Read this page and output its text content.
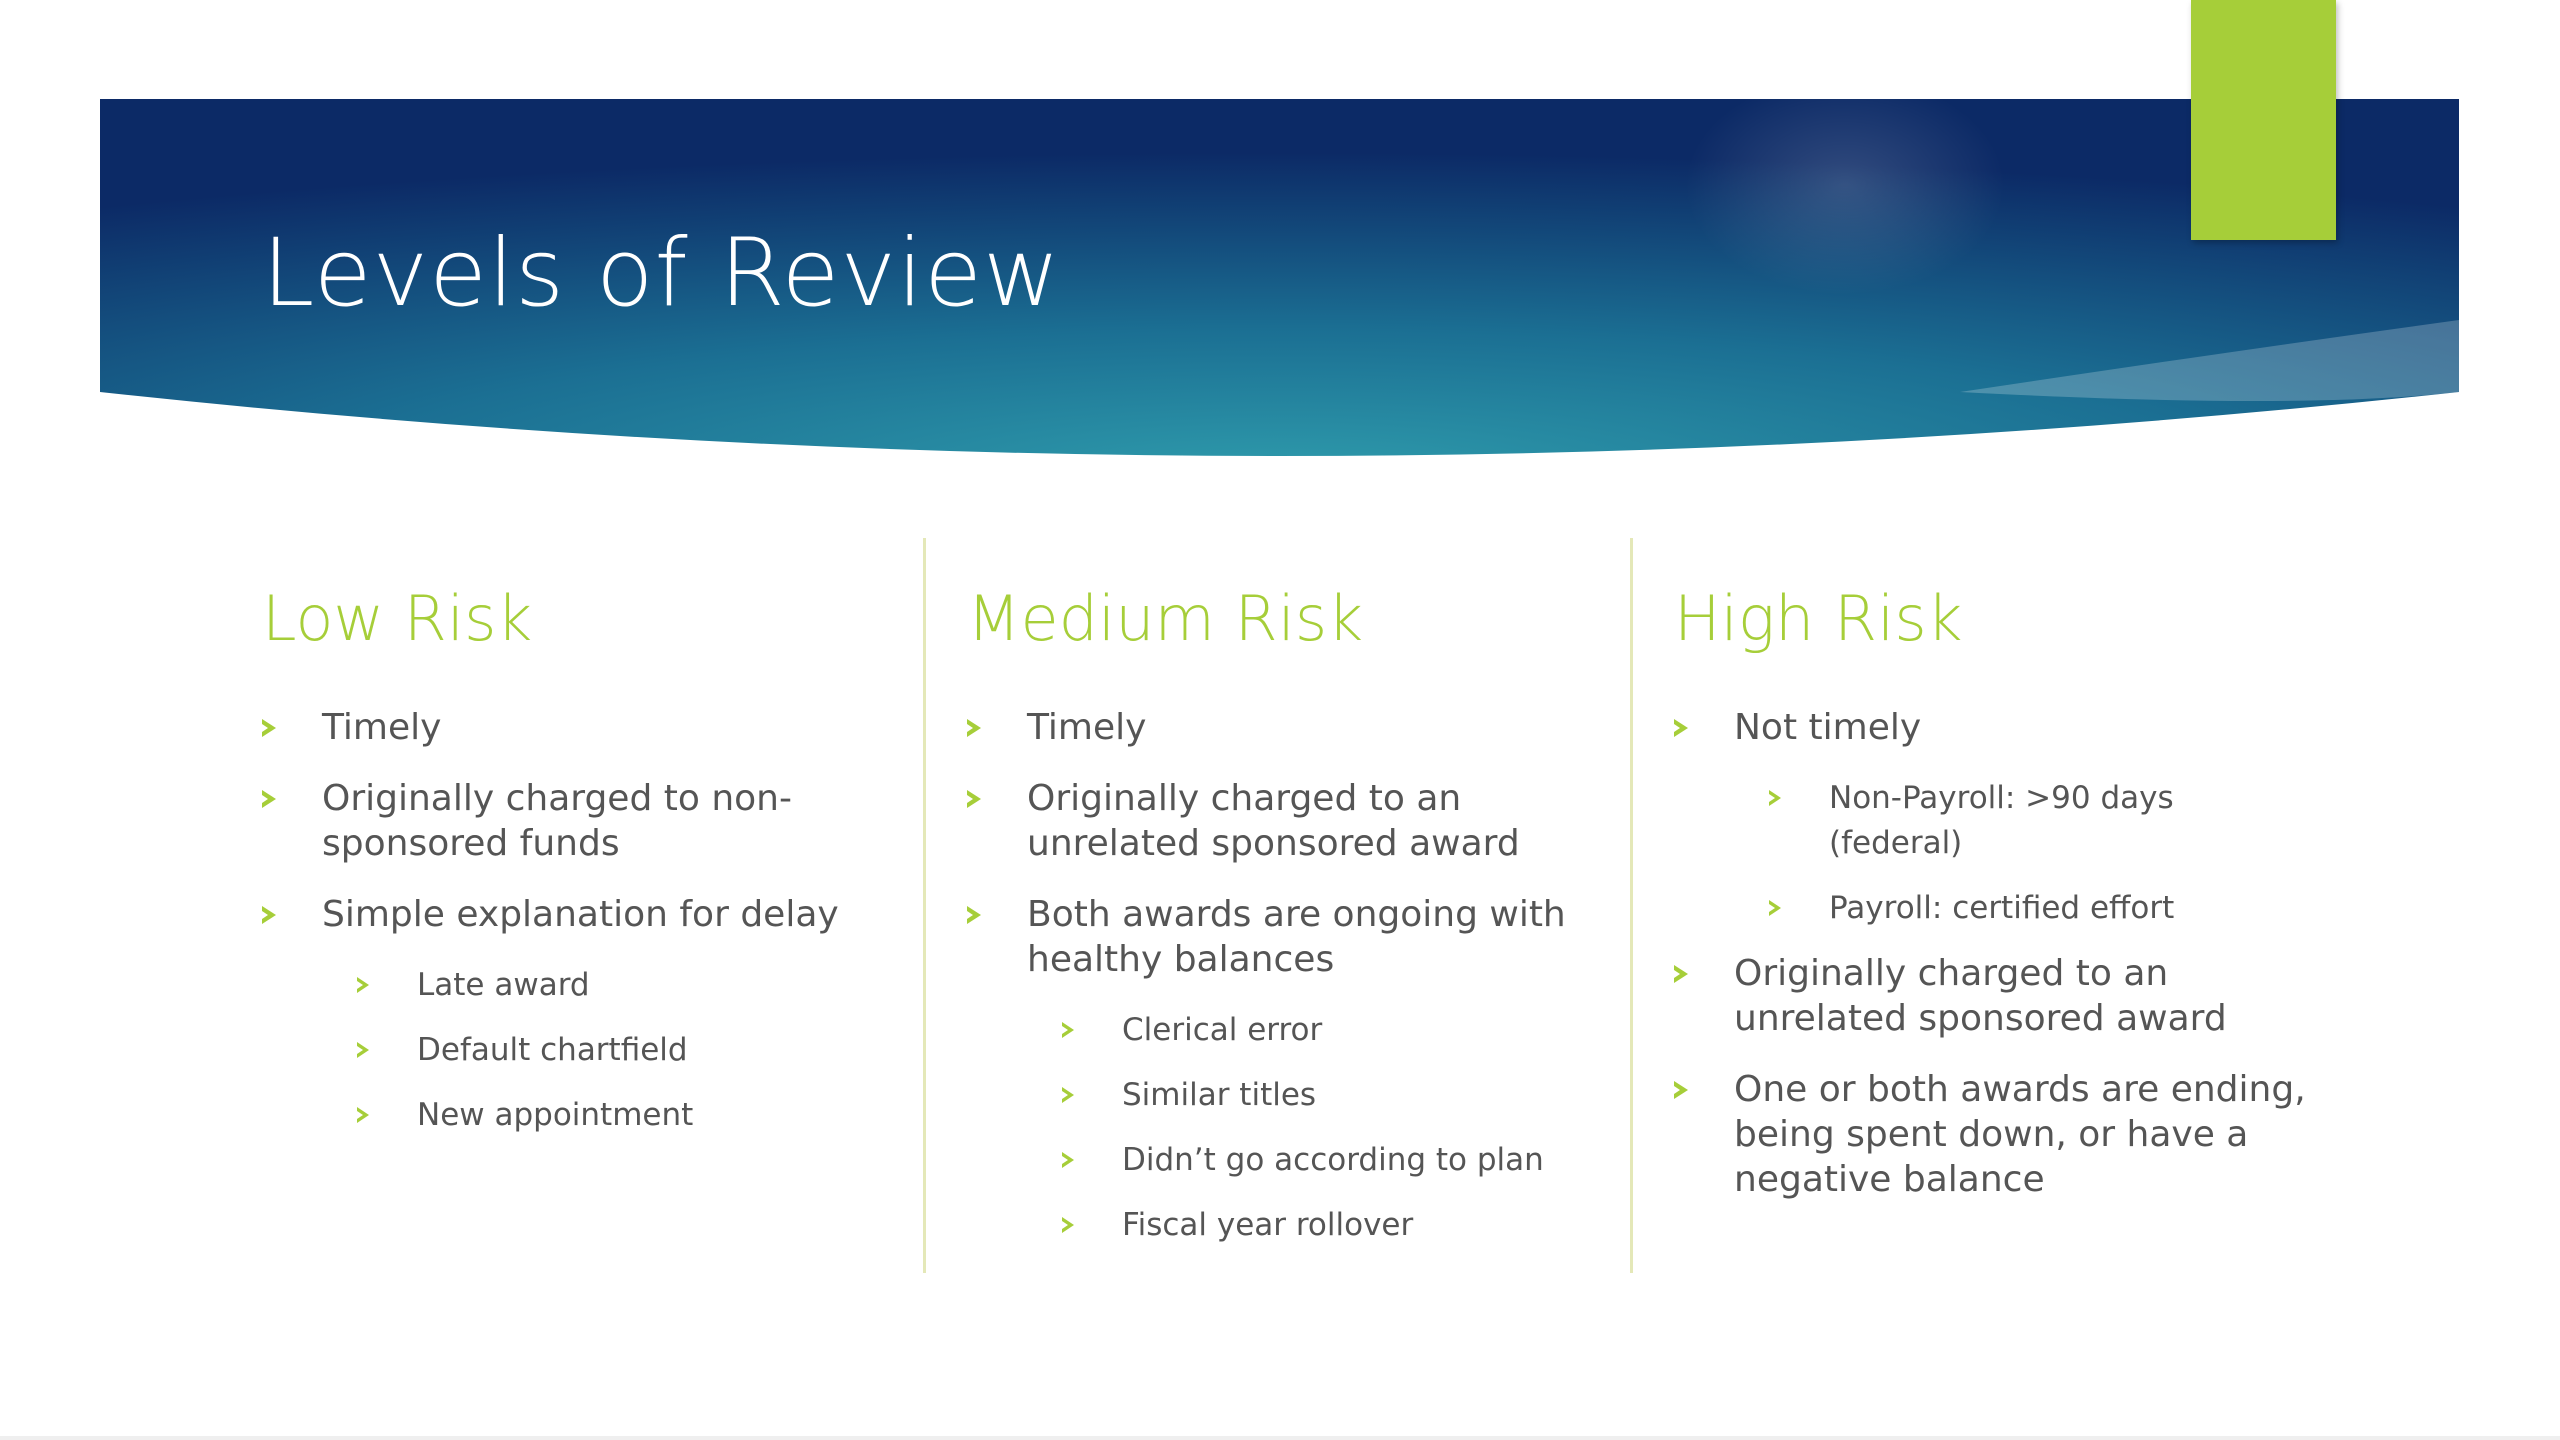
Levels of Review
Low Risk
Timely
Originally charged to non-sponsored funds
Simple explanation for delay
Late award
Default chartfield
New appointment
Medium Risk
Timely
Originally charged to an unrelated sponsored award
Both awards are ongoing with healthy balances
Clerical error
Similar titles
Didn’t go according to plan
Fiscal year rollover
High Risk
Not timely
Non-Payroll: >90 days (federal)
Payroll: certified effort
Originally charged to an unrelated sponsored award
One or both awards are ending, being spent down, or have a negative balance
